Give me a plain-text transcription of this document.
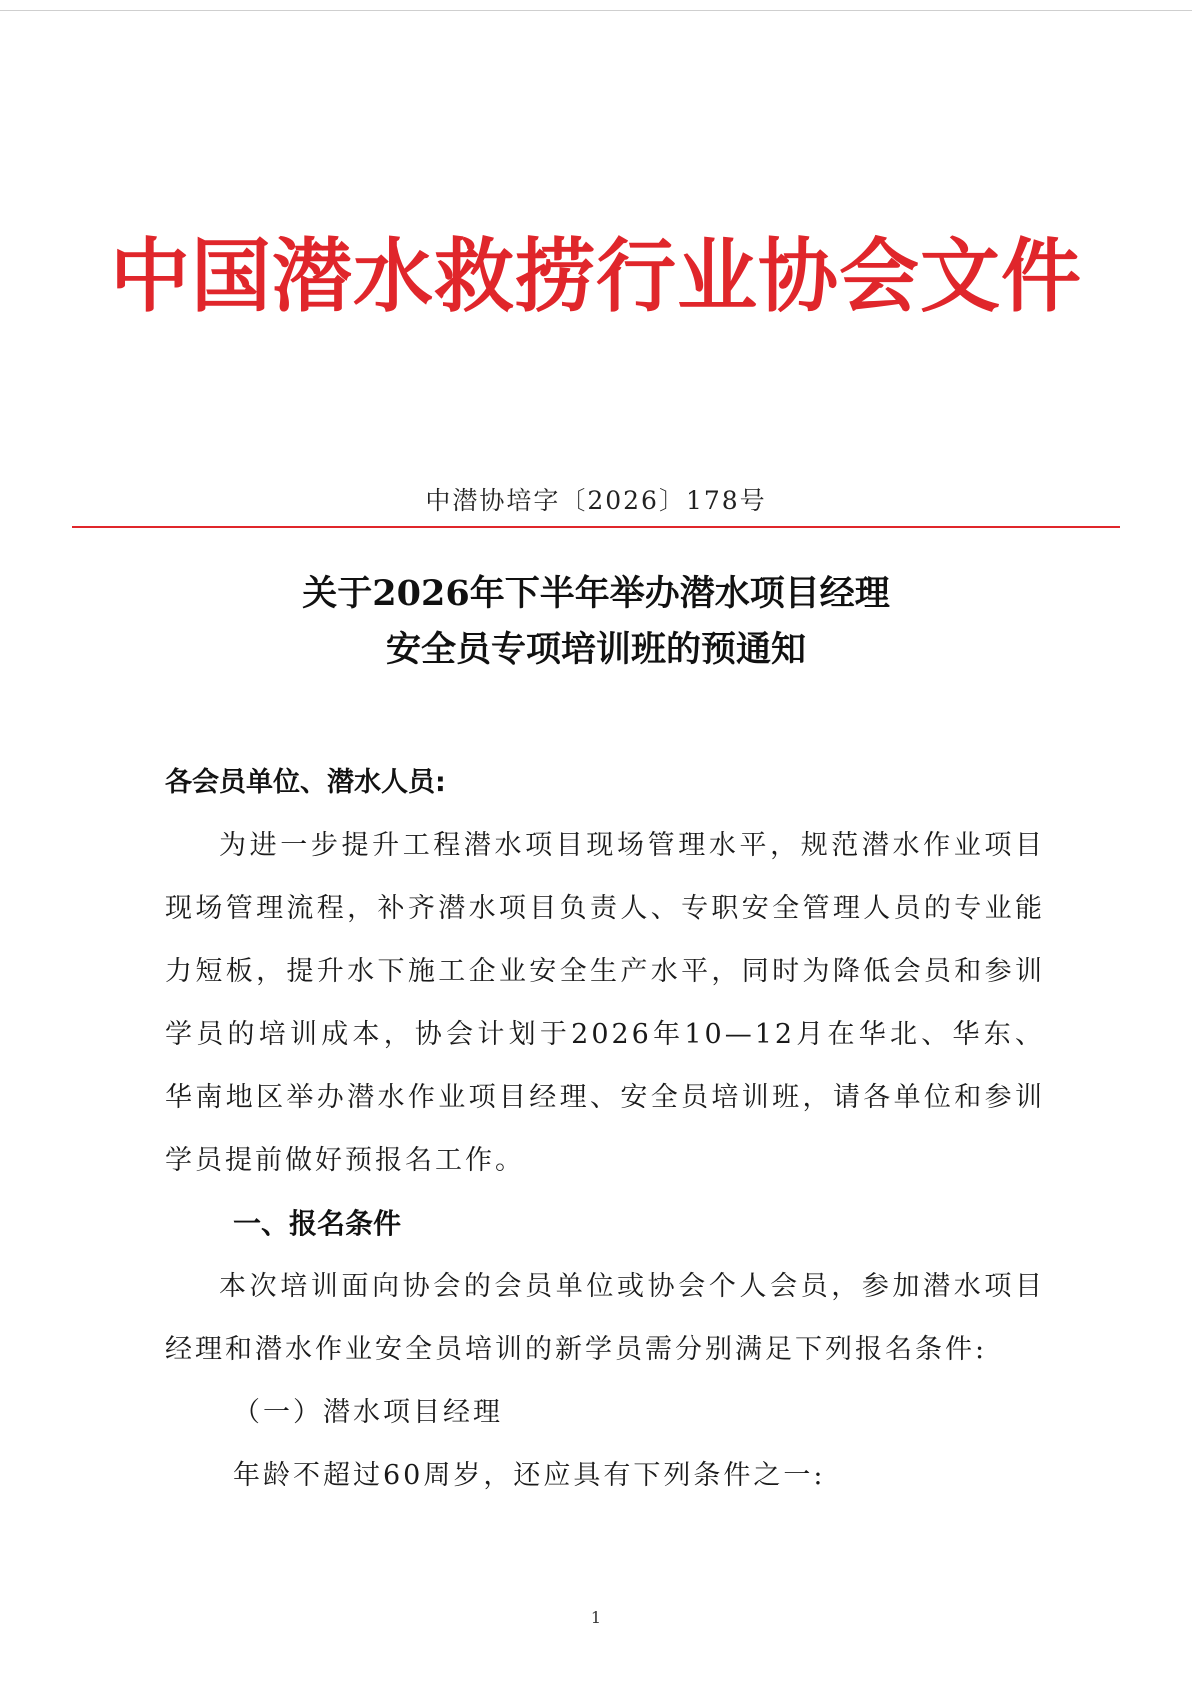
中国潜水救捞行业协会文件
中潜协培字〔2026〕178号
关于2026年下半年举办潜水项目经理
安全员专项培训班的预通知
各会员单位、潜水人员:

为进一步提升工程潜水项目现场管理水平，规范潜水作业项目现场管理流程，补齐潜水项目负责人、专职安全管理人员的专业能力短板，提升水下施工企业安全生产水平，同时为降低会员和参训学员的培训成本，协会计划于2026年10—12月在华北、华东、华南地区举办潜水作业项目经理、安全员培训班，请各单位和参训学员提前做好预报名工作。

一、报名条件

本次培训面向协会的会员单位或协会个人会员，参加潜水项目经理和潜水作业安全员培训的新学员需分别满足下列报名条件:

（一）潜水项目经理
年龄不超过60周岁，还应具有下列条件之一:
1
